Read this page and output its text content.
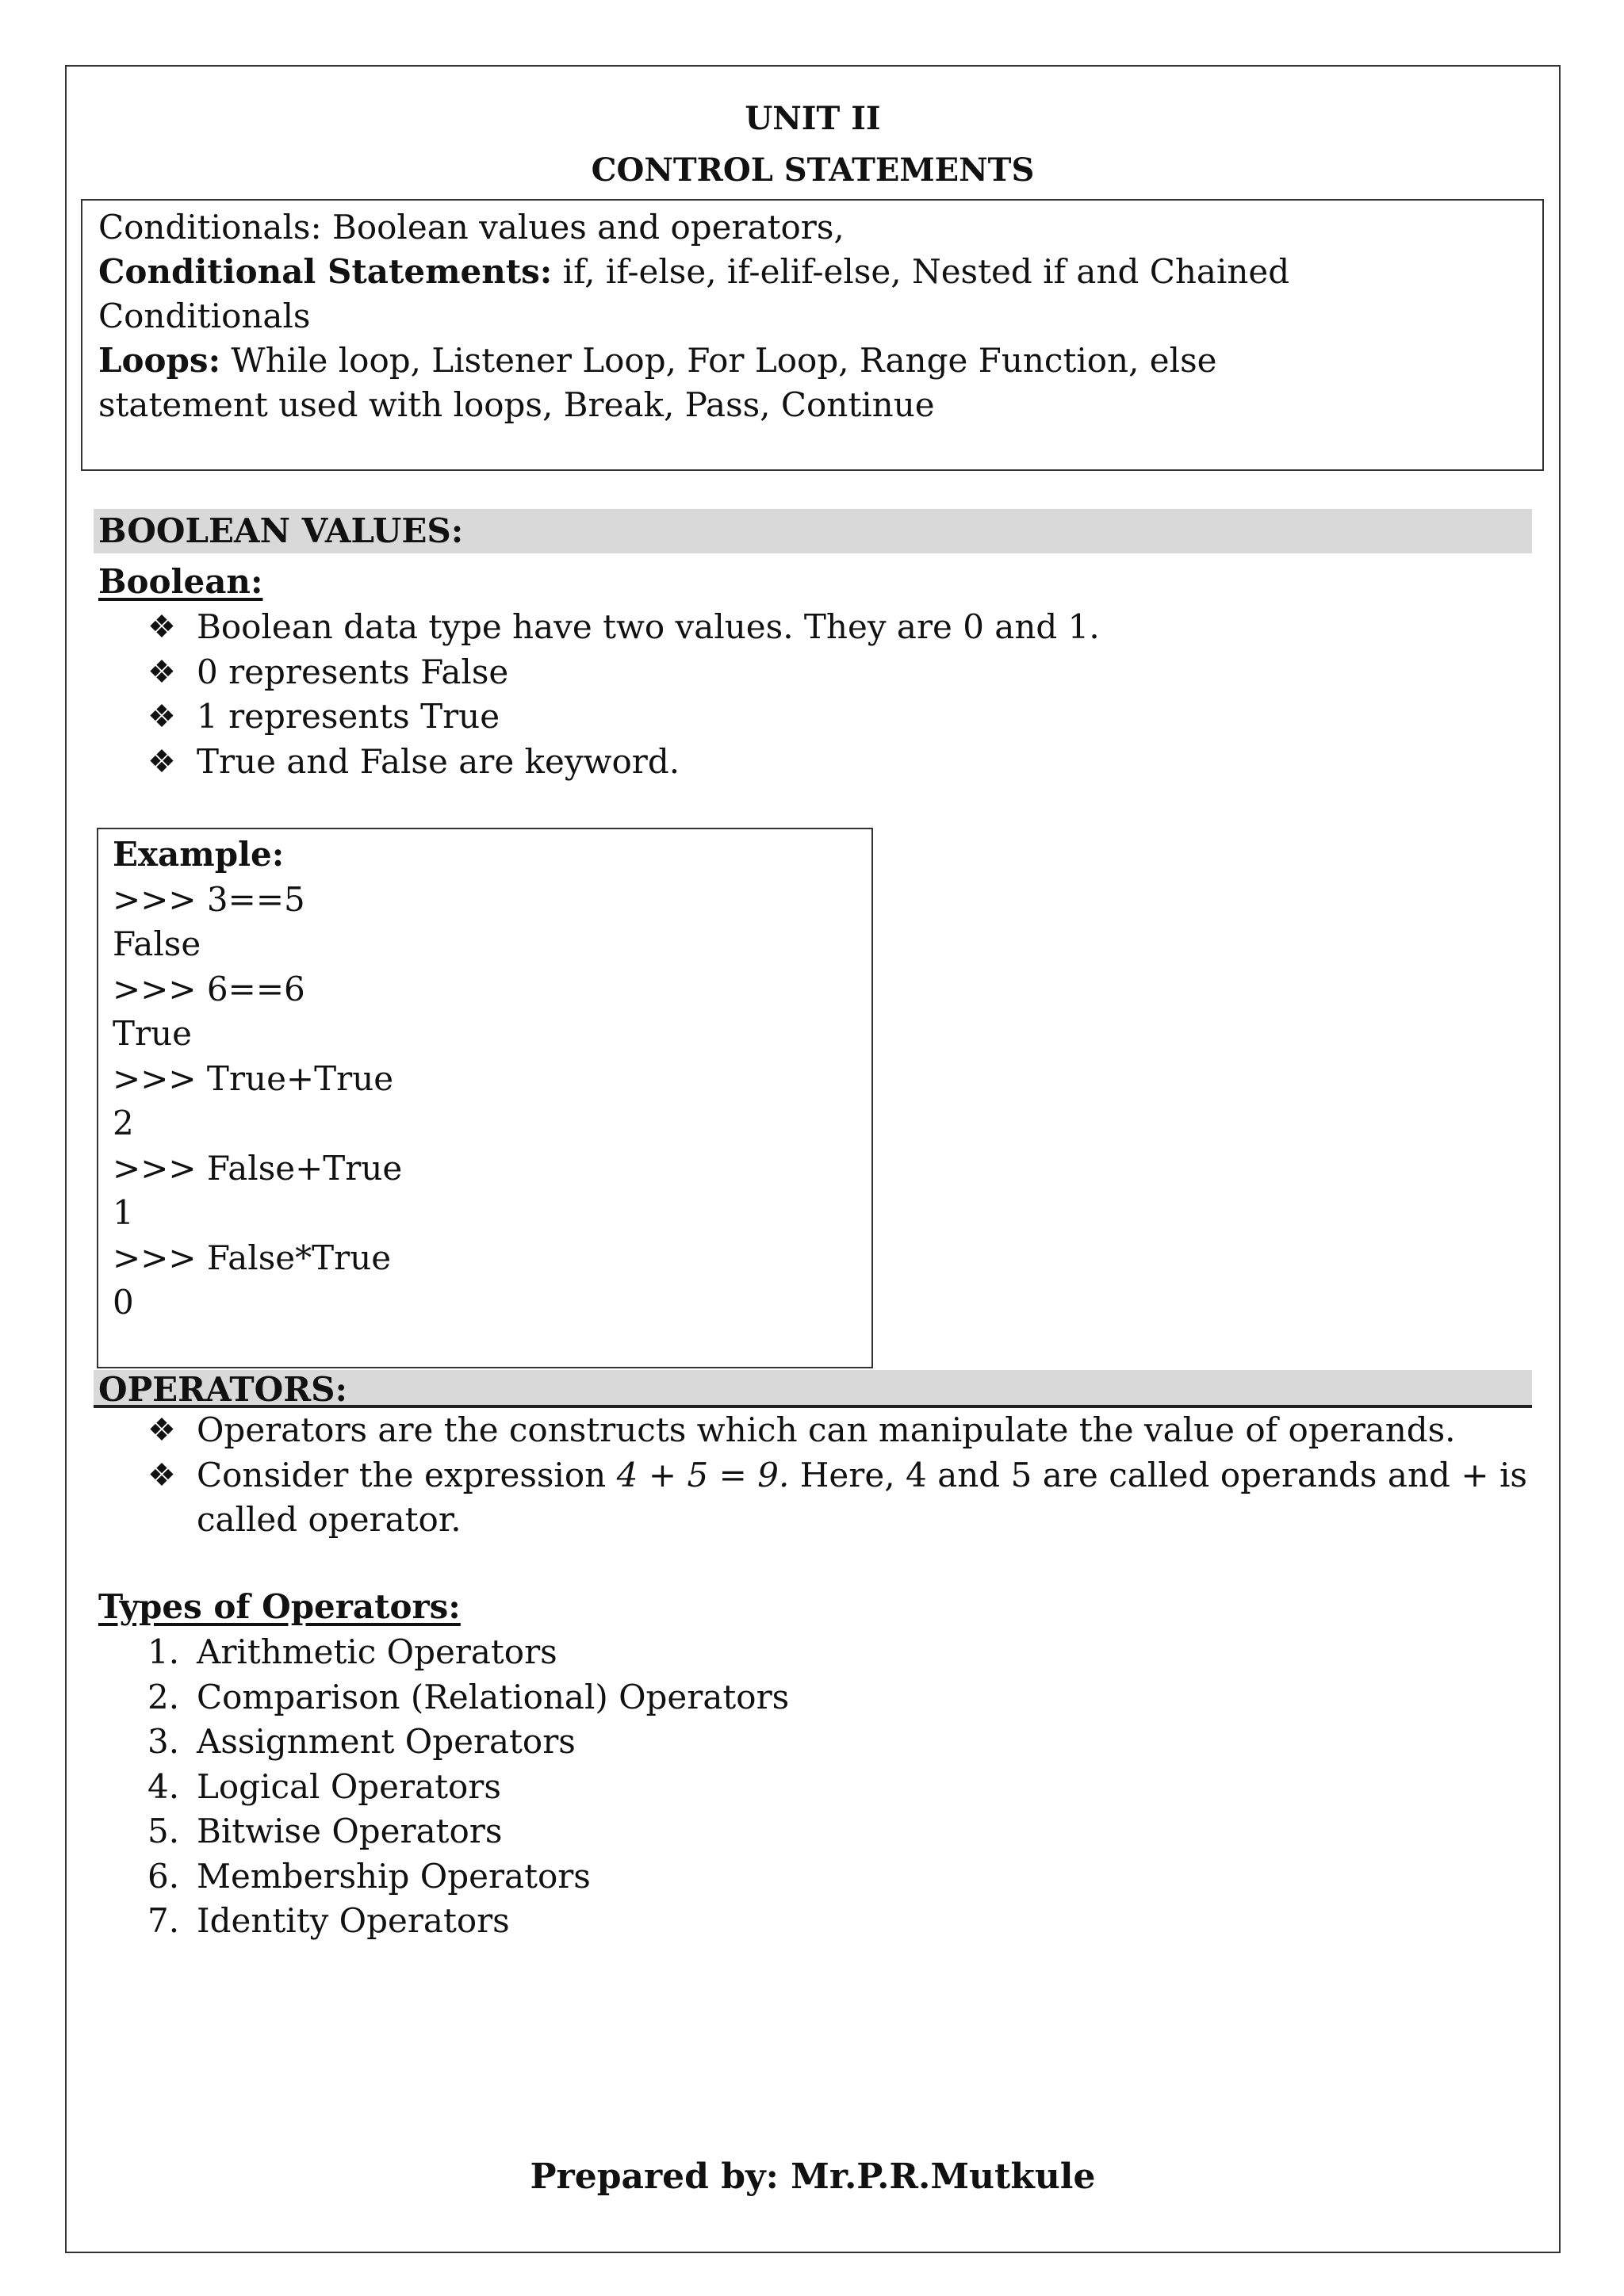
UNIT II
CONTROL STATEMENTS
Conditionals: Boolean values and operators,
Conditional Statements: if, if-else, if-elif-else, Nested if and Chained
Conditionals
Loops: While loop, Listener Loop, For Loop, Range Function, else
statement used with loops, Break, Pass, Continue
BOOLEAN VALUES:
Boolean:
❖ Boolean data type have two values. They are 0 and 1.
❖ 0 represents False
❖ 1 represents True
❖ True and False are keyword.
Example:
>>> 3==5
False
>>> 6==6
True
>>> True+True
2
>>> False+True
1
>>> False*True
0
OPERATORS:
❖ Operators are the constructs which can manipulate the value of operands.
❖ Consider the expression 4 + 5 = 9. Here, 4 and 5 are called operands and + is called operator.
Types of Operators:
1. Arithmetic Operators
2. Comparison (Relational) Operators
3. Assignment Operators
4. Logical Operators
5. Bitwise Operators
6. Membership Operators
7. Identity Operators
Prepared by: Mr.P.R.Mutkule
